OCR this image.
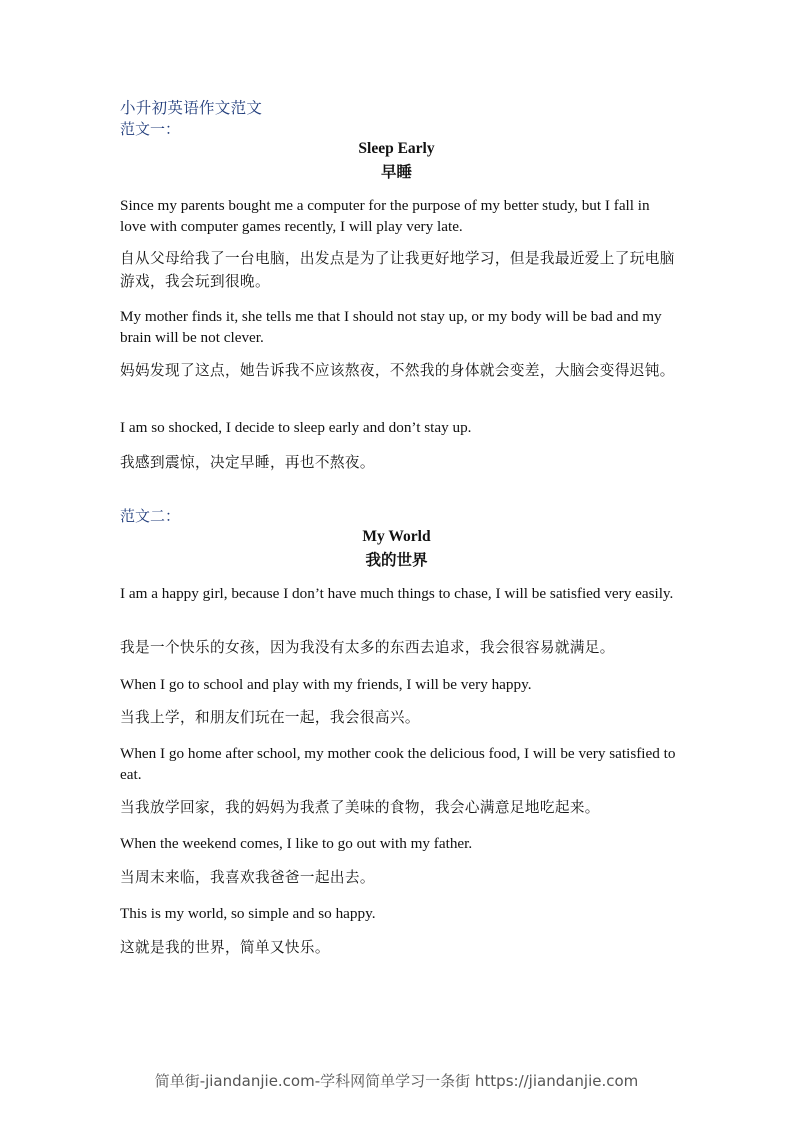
小升初英语作文范文
范文一：
Sleep Early
早睡

Since my parents bought me a computer for the purpose of my better study, but I fall in love with computer games recently, I will play very late.

自从父母给我了一台电脑，出发点是为了让我更好地学习，但是我最近爱上了玩电脑游戏，我会玩到很晚。

My mother finds it, she tells me that I should not stay up, or my body will be bad and my brain will be not clever.

妈妈发现了这点，她告诉我不应该熬夜，不然我的身体就会变差，大脑会变得迟钝。

I am so shocked, I decide to sleep early and don’t stay up.

我感到震惊，决定早睡，再也不熬夜。

范文二：
My World
我的世界

I am a happy girl, because I don’t have much things to chase, I will be satisfied very easily.

我是一个快乐的女孩，因为我没有太多的东西去追求，我会很容易就满足。

When I go to school and play with my friends, I will be very happy.

当我上学，和朋友们玩在一起，我会很高兴。

When I go home after school, my mother cook the delicious food, I will be very satisfied to eat.

当我放学回家，我的妈妈为我煮了美味的食物，我会心满意足地吃起来。

When the weekend comes, I like to go out with my father.

当周末来临，我喜欢我爸爸一起出去。

This is my world, so simple and so happy.

这就是我的世界，简单又快乐。

简单街-jiandanjie.com-学科网简单学习一条街 https://jiandanjie.com
